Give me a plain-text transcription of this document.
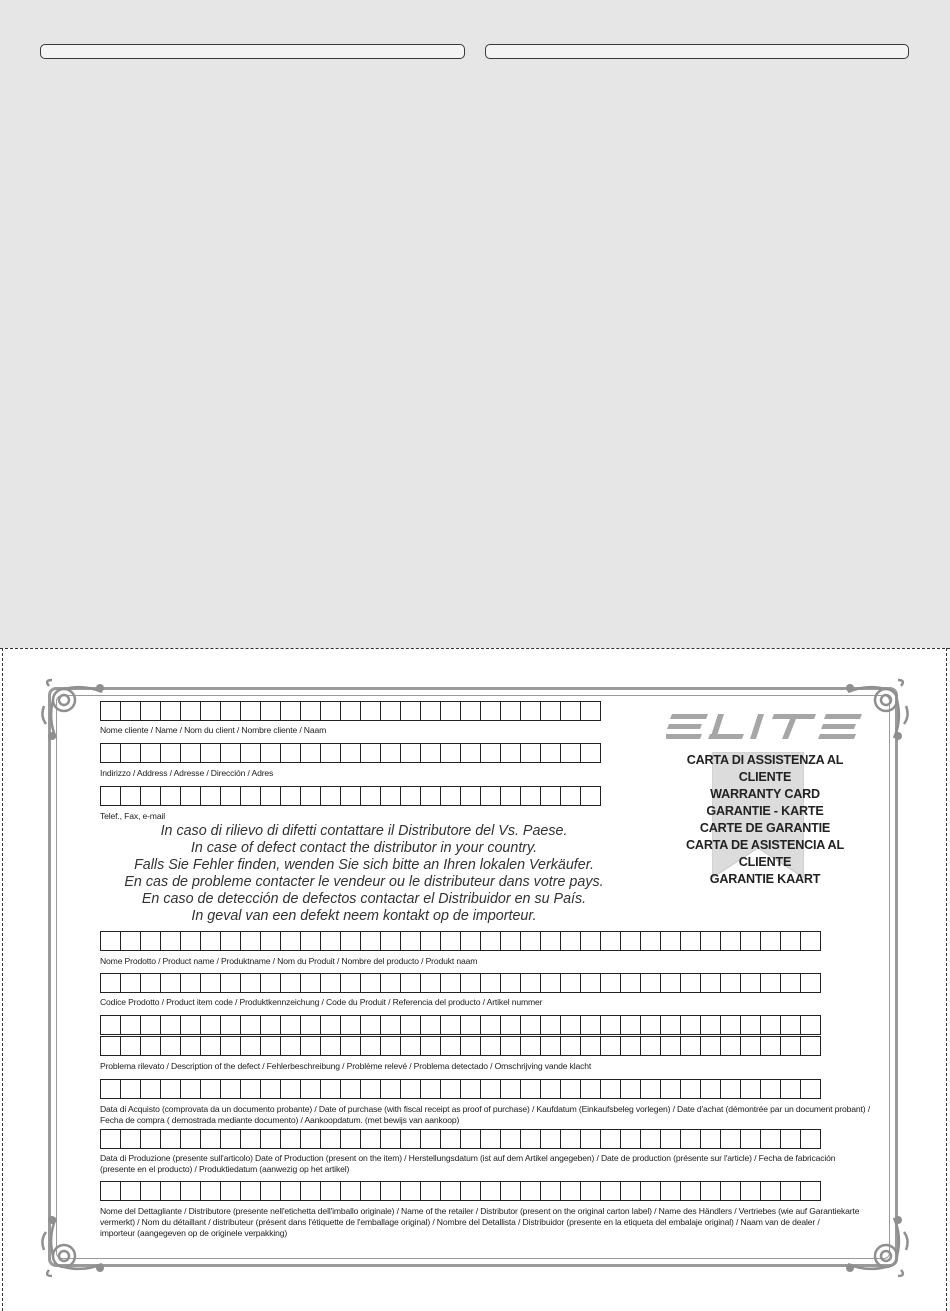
ELITE
CARTA DI ASSISTENZA AL CLIENTE
WARRANTY CARD
GARANTIE - KARTE
CARTE DE GARANTIE
CARTA DE ASISTENCIA AL CLIENTE
GARANTIE KAART
Nome cliente / Name / Nom du client / Nombre cliente / Naam
Indirizzo / Address / Adresse / Dirección / Adres
Telef., Fax, e-mail
In caso di rilievo di difetti contattare il Distributore del Vs. Paese.
In case of defect contact the distributor in your country.
Falls Sie Fehler finden, wenden Sie sich bitte an Ihren lokalen Verkäufer.
En cas de probleme contacter le vendeur ou le distributeur dans votre pays.
En caso de detección de defectos contactar el Distribuidor en su País.
In geval van een defekt neem kontakt op de importeur.
Nome Prodotto / Product name / Produktname / Nom du Produit / Nombre del producto / Produkt naam
Codice Prodotto / Product item code / Produktkennzeichung / Code du Produit / Referencia del producto / Artikel nummer
Problema rilevato / Description of the defect / Fehlerbeschreibung / Problème relevé / Problema detectado / Omschrijving vande klacht
Data di Acquisto (comprovata da un documento probante) / Date of purchase (with fiscal receipt as proof of purchase) / Kaufdatum (Einkaufsbeleg vorlegen) / Date d'achat (démontrée par un document probant) /
Fecha de compra ( demostrada mediante documento) / Aankoopdatum. (met bewijs van aankoop)
Data di Produzione (presente sull'articolo) Date of Production (present on the item) / Herstellungsdatum (ist auf dem Artikel angegeben) / Date de production (présente sur l'article) / Fecha de fabricación
(presente en el producto) / Produktiedatum (aanwezig op het artikel)
Nome del Dettagliante / Distributore (presente nell'etichetta dell'imballo originale) / Name of the retailer / Distributor (present on the original carton label) / Name des Händlers / Vertriebes (wie auf Garantiekarte
vermerkt) / Nom du détaillant / distributeur (présent dans l'étiquette de l'emballage original) / Nombre del Detallista / Distribuidor (presente en la etiqueta del embalaje original) / Naam van de dealer /
importeur (aangegeven op de originele verpakking)
